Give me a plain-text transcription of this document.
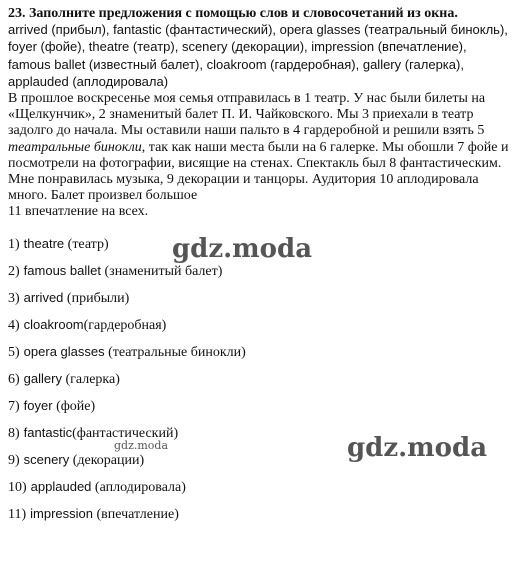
23. Заполните предложения с помощью слов и словосочетаний из окна.
arrived (прибыл), fantastic (фантастический), opera glasses (театральный бинокль), foyer (фойе), theatre (театр), scenery (декорации), impression (впечатление), famous ballet (известный балет), cloakroom (гардеробная), gallery (галерка), applauded (аплодировала)
В прошлое воскресенье моя семья отправилась в 1 театр. У нас были билеты на «Щелкунчик», 2 знаменитый балет П. И. Чайковского. Мы 3 приехали в театр задолго до начала. Мы оставили наши пальто в 4 гардеробной и решили взять 5 театральные бинокли, так как наши места были на 6 галерке. Мы обошли 7 фойе и посмотрели на фотографии, висящие на стенах. Спектакль был 8 фантастическим. Мне понравилась музыка, 9 декорации и танцоры. Аудитория 10 аплодировала много. Балет произвел большое
11 впечатление на всех.

1) theatre (театр)
2) famous ballet (знаменитый балет)
3) arrived (прибыли)
4) cloakroom(гардеробная)
5) opera glasses (театральные бинокли)
6) gallery (галерка)
7) foyer (фойе)
8) fantastic(фантастический)
9) scenery (декорации)
10) applauded (аплодировала)
11) impression (впечатление)
gdz.moda
gdz.moda
gdz.moda
